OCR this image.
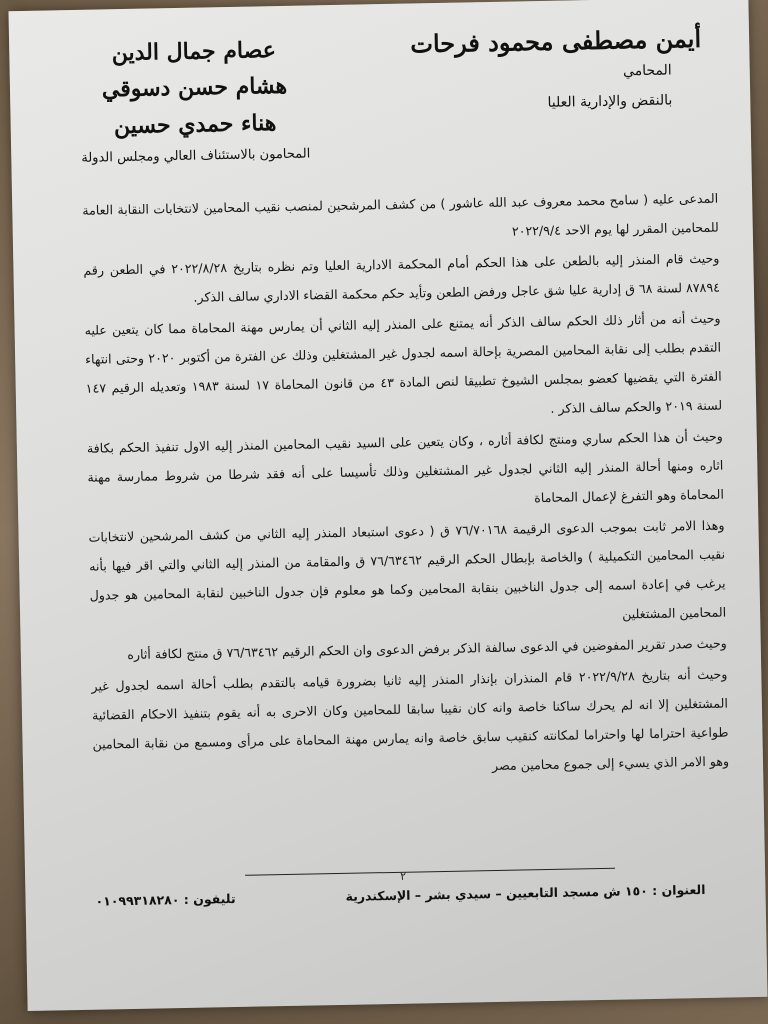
أيمن مصطفى محمود فرحات
المحامي
بالنقض والإدارية العليا
عصام جمال الدين
هشام حسن دسوقي
هناء حمدي حسين
المحامون بالاستئناف العالي ومجلس الدولة

المدعى عليه ( سامح محمد معروف عبد الله عاشور ) من كشف المرشحين لمنصب نقيب المحامين لانتخابات النقابة العامة للمحامين المقرر لها يوم الاحد ٢٠٢٢/٩/٤

وحيث قام المنذر إليه بالطعن على هذا الحكم أمام المحكمة الادارية العليا وتم نظره بتاريخ ٢٠٢٢/٨/٢٨ في الطعن رقم ٨٧٨٩٤ لسنة ٦٨ ق إدارية عليا شق عاجل ورفض الطعن وتأيد حكم محكمة القضاء الاداري سالف الذكر.

وحيث أنه من أثار ذلك الحكم سالف الذكر أنه يمتنع على المنذر إليه الثاني أن يمارس مهنة المحاماة مما كان يتعين عليه التقدم بطلب إلى نقابة المحامين المصرية بإحالة اسمه لجدول غير المشتغلين وذلك عن الفترة من أكتوبر ٢٠٢٠ وحتى انتهاء الفترة التي يقضيها كعضو بمجلس الشيوخ تطبيقا لنص المادة ٤٣ من قانون المحاماة ١٧ لسنة ١٩٨٣ وتعديله الرقيم ١٤٧ لسنة ٢٠١٩ والحكم سالف الذكر .

وحيث أن هذا الحكم ساري ومنتج لكافة أثاره ، وكان يتعين على السيد نقيب المحامين المنذر إليه الاول تنفيذ الحكم بكافة اثاره ومنها أحالة المنذر إليه الثاني لجدول غير المشتغلين وذلك تأسيسا على أنه فقد شرطا من شروط ممارسة مهنة المحاماة وهو التفرغ لإعمال المحاماة

وهذا الامر ثابت بموجب الدعوى الرقيمة ٧٦/٧٠١٦٨ ق ( دعوى استبعاد المنذر إليه الثاني من كشف المرشحين لانتخابات نقيب المحامين التكميلية ) والخاصة بإبطال الحكم الرقيم ٧٦/٦٣٤٦٢ ق والمقامة من المنذر إليه الثاني والتي اقر فيها بأنه يرغب في إعادة اسمه إلى جدول الناخبين بنقابة المحامين وكما هو معلوم فإن جدول الناخبين لنقابة المحامين هو جدول المحامين المشتغلين

وحيث صدر تقرير المفوضين في الدعوى سالفة الذكر برفض الدعوى وان الحكم الرقيم ٧٦/٦٣٤٦٢ ق منتج لكافة أثاره

وحيث أنه بتاريخ ٢٠٢٢/٩/٢٨ قام المنذران بإنذار المنذر إليه ثانيا بضرورة قيامه بالتقدم بطلب أحالة اسمه لجدول غير المشتغلين إلا انه لم يحرك ساكنا خاصة وانه كان نقيبا سابقا للمحامين وكان الاحرى به أنه يقوم بتنفيذ الاحكام القضائية طواعية احتراما لها واحتراما لمكانته كنقيب سابق خاصة وانه يمارس مهنة المحاماة على مرأى ومسمع من نقابة المحامين وهو الامر الذي يسيء إلى جموع محامين مصر

٢
العنوان : ١٥٠ ش مسجد التابعيين – سيدي بشر – الإسكندرية
تليفون : ٠١٠٩٩٣١٨٢٨٠
